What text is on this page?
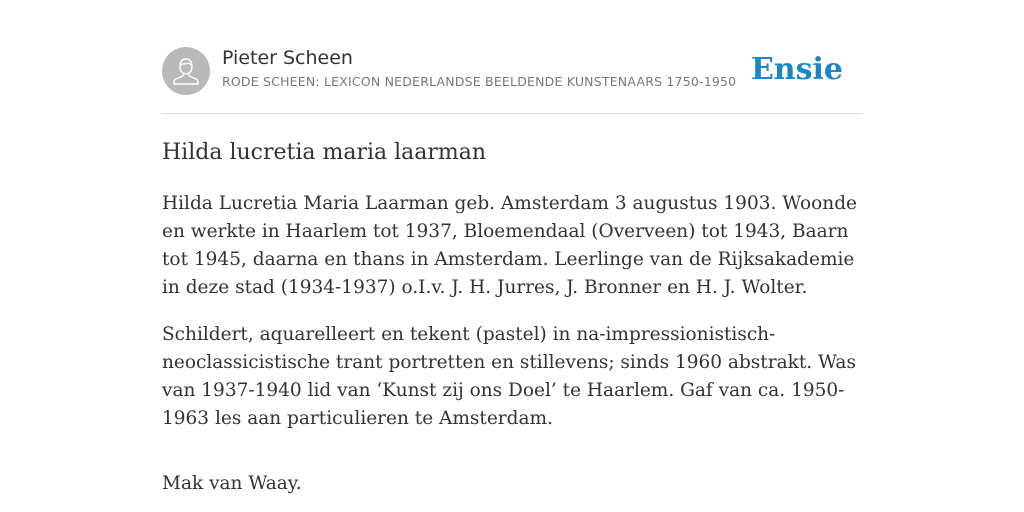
Pieter Scheen
RODE SCHEEN: LEXICON NEDERLANDSE BEELDENDE KUNSTENAARS 1750-1950 Ensie
Hilda lucretia maria laarman

Hilda Lucretia Maria Laarman geb. Amsterdam 3 augustus 1903. Woonde en werkte in Haarlem tot 1937, Bloemendaal (Overveen) tot 1943, Baarn tot 1945, daarna en thans in Amsterdam. Leerlinge van de Rijksakademie in deze stad (1934-1937) o.I.v. J. H. Jurres, J. Bronner en H. J. Wolter.

Schildert, aquarelleert en tekent (pastel) in na-impressionistisch-neoclassicistische trant portretten en stillevens; sinds 1960 abstrakt. Was van 1937-1940 lid van ‘Kunst zij ons Doel’ te Haarlem. Gaf van ca. 1950-1963 les aan particulieren te Amsterdam.

Mak van Waay.
